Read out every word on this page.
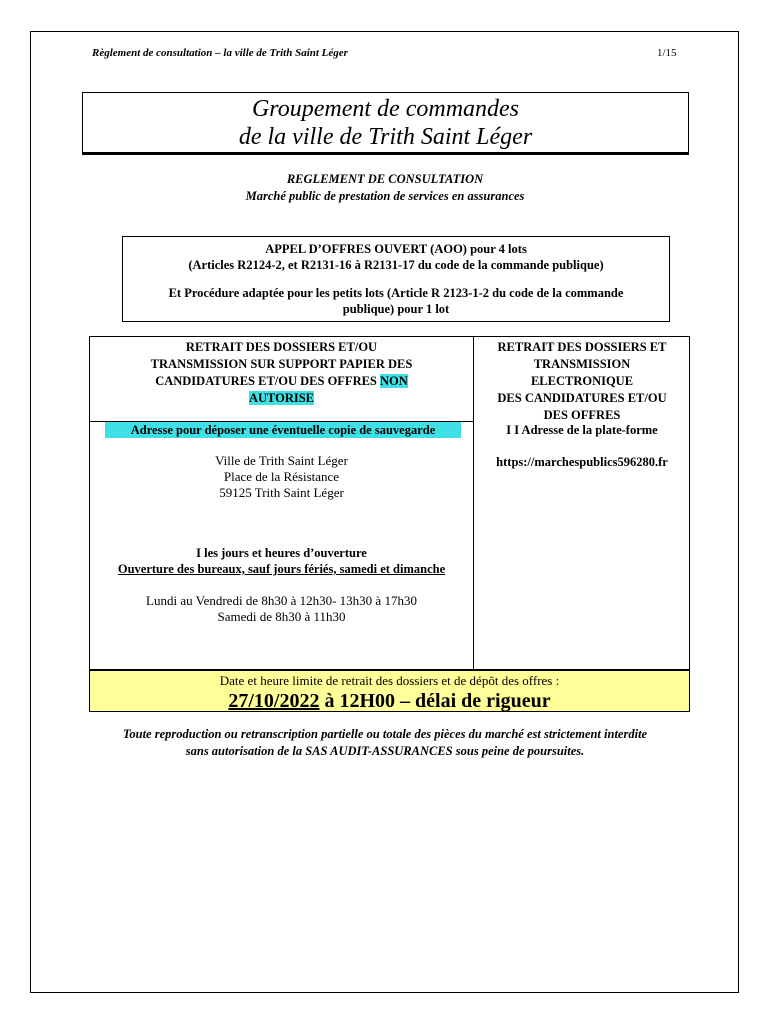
Règlement de consultation – la ville de Trith Saint Léger	1/15
Groupement de commandes
de la ville de Trith Saint Léger
REGLEMENT DE CONSULTATION
Marché public de prestation de services en assurances
APPEL D’OFFRES OUVERT (AOO) pour 4 lots
(Articles R2124-2, et R2131-16 à R2131-17 du code de la commande publique)
Et Procédure adaptée pour les petits lots (Article R 2123-1-2 du code de la commande
publique) pour 1 lot
RETRAIT DES DOSSIERS ET/OU
TRANSMISSION SUR SUPPORT PAPIER DES
CANDIDATURES ET/OU DES OFFRES NON
AUTORISE
RETRAIT DES DOSSIERS ET
TRANSMISSION
ELECTRONIQUE
DES CANDIDATURES ET/OU
DES OFFRES
Adresse pour déposer une éventuelle copie de sauvegarde
Ville de Trith Saint Léger
Place de la Résistance
59125 Trith Saint Léger
I I Adresse de la plate-forme
https://marchespublics596280.fr
I les jours et heures d’ouverture
Ouverture des bureaux, sauf jours fériés, samedi et dimanche
Lundi au Vendredi de 8h30 à 12h30- 13h30 à 17h30
Samedi de 8h30 à 11h30
Date et heure limite de retrait des dossiers et de dépôt des offres :
27/10/2022 à 12H00 – délai de rigueur
Toute reproduction ou retranscription partielle ou totale des pièces du marché est strictement interdite
sans autorisation de la SAS AUDIT-ASSURANCES sous peine de poursuites.
